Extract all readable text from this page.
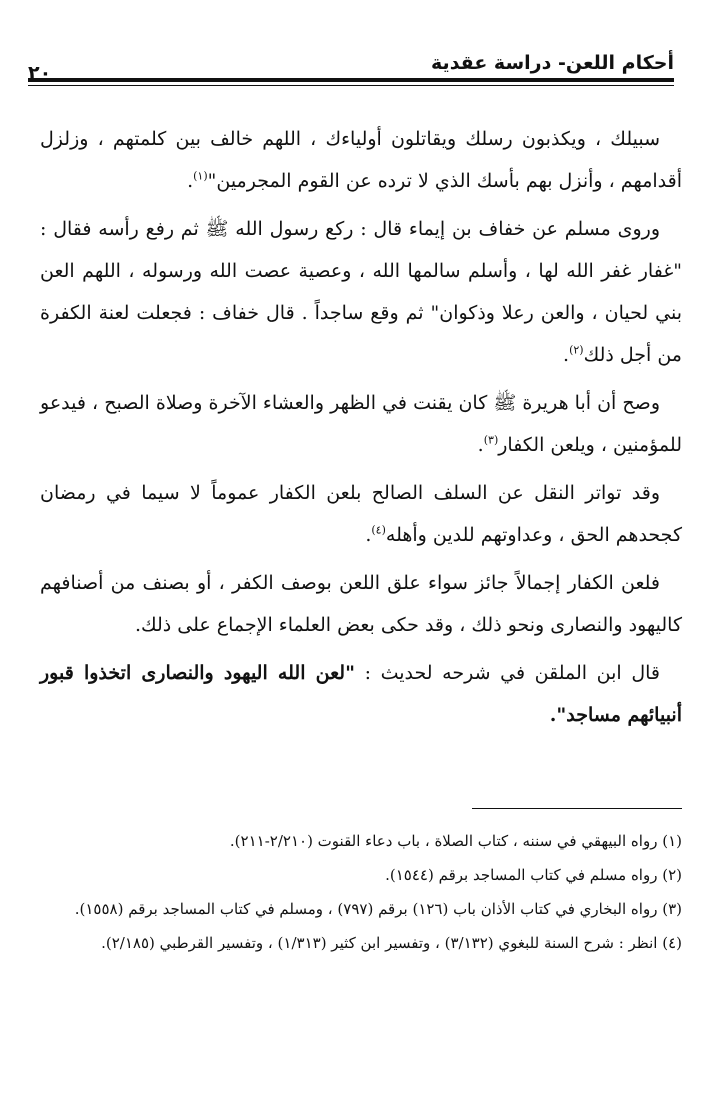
أحكام اللعن- دراسة عقدية
٢٠

سبيلك ، ويكذبون رسلك ويقاتلون أولياءك ، اللهم خالف بين كلمتهم ، وزلزل أقدامهم ، وأنزل بهم بأسك الذي لا ترده عن القوم المجرمين"$^{(١)}$.

وروى مسلم عن خفاف بن إيماء قال : ركع رسول الله ﷺ ثم رفع رأسه فقال : "غفار غفر الله لها ، وأسلم سالمها الله ، وعصية عصت الله ورسوله ، اللهم العن بني لحيان ، والعن رعلا وذكوان" ثم وقع ساجداً . قال خفاف : فجعلت لعنة الكفرة من أجل ذلك$^{(٢)}$.

وصح أن أبا هريرة ﷺ كان يقنت في الظهر والعشاء الآخرة وصلاة الصبح ، فيدعو للمؤمنين ، ويلعن الكفار$^{(٣)}$.

وقد تواتر النقل عن السلف الصالح بلعن الكفار عموماً لا سيما في رمضان كجحدهم الحق ، وعداوتهم للدين وأهله$^{(٤)}$.

فلعن الكفار إجمالاً جائز سواء علق اللعن بوصف الكفر ، أو بصنف من أصنافهم كاليهود والنصارى ونحو ذلك ، وقد حكى بعض العلماء الإجماع على ذلك.

قال ابن الملقن في شرحه لحديث : "لعن الله اليهود والنصارى اتخذوا قبور أنبيائهم مساجد".

(١) رواه البيهقي في سننه ، كتاب الصلاة ، باب دعاء القنوت (٢/٢١٠-٢١١).

(٢) رواه مسلم في كتاب المساجد برقم (١٥٤٤).

(٣) رواه البخاري في كتاب الأذان باب (١٢٦) برقم (٧٩٧) ، ومسلم في كتاب المساجد برقم (١٥٥٨).

(٤) انظر : شرح السنة للبغوي (٣/١٣٢) ، وتفسير ابن كثير (١/٣١٣) ، وتفسير القرطبي (٢/١٨٥).
